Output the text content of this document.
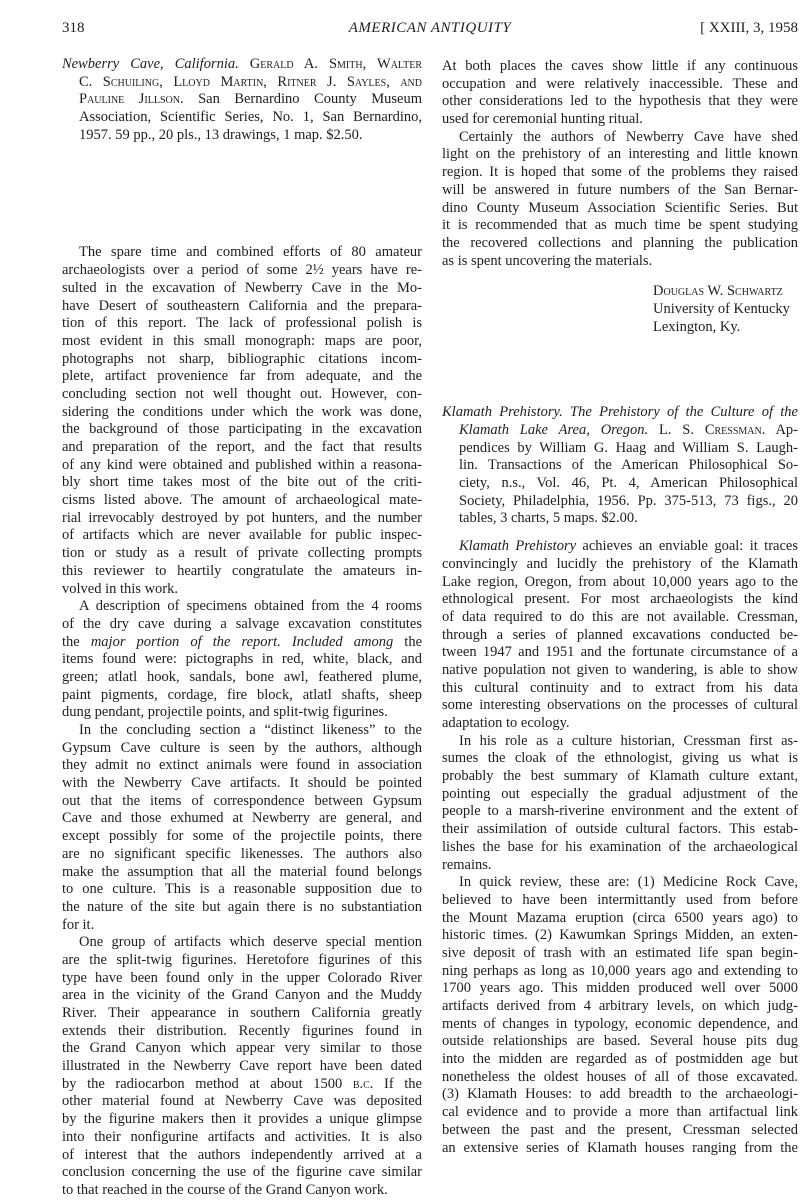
318	AMERICAN ANTIQUITY	[ XXIII, 3, 1958
Newberry Cave, California. Gerald A. Smith, Walter
C. Schuiling, Lloyd Martin, Ritner J. Sayles, and
Pauline Jillson. San Bernardino County Museum
Association, Scientific Series, No. 1, San Bernardino,
1957. 59 pp., 20 pls., 13 drawings, 1 map. $2.50.
The spare time and combined efforts of 80 amateur
archaeologists over a period of some 2½ years have re-
sulted in the excavation of Newberry Cave in the Mo-
have Desert of southeastern California and the prepara-
tion of this report. The lack of professional polish is
most evident in this small monograph: maps are poor,
photographs not sharp, bibliographic citations incom-
plete, artifact provenience far from adequate, and the
concluding section not well thought out. However, con-
sidering the conditions under which the work was done,
the background of those participating in the excavation
and preparation of the report, and the fact that results
of any kind were obtained and published within a reasona-
bly short time takes most of the bite out of the criti-
cisms listed above. The amount of archaeological mate-
rial irrevocably destroyed by pot hunters, and the number
of artifacts which are never available for public inspec-
tion or study as a result of private collecting prompts
this reviewer to heartily congratulate the amateurs in-
volved in this work.
A description of specimens obtained from the 4 rooms
of the dry cave during a salvage excavation constitutes
the major portion of the report. Included among the
items found were: pictographs in red, white, black, and
green; atlatl hook, sandals, bone awl, feathered plume,
paint pigments, cordage, fire block, atlatl shafts, sheep
dung pendant, projectile points, and split-twig figurines.
In the concluding section a “distinct likeness” to the
Gypsum Cave culture is seen by the authors, although
they admit no extinct animals were found in association
with the Newberry Cave artifacts. It should be pointed
out that the items of correspondence between Gypsum
Cave and those exhumed at Newberry are general, and
except possibly for some of the projectile points, there
are no significant specific likenesses. The authors also
make the assumption that all the material found belongs
to one culture. This is a reasonable supposition due to
the nature of the site but again there is no substantiation
for it.
One group of artifacts which deserve special mention
are the split-twig figurines. Heretofore figurines of this
type have been found only in the upper Colorado River
area in the vicinity of the Grand Canyon and the Muddy
River. Their appearance in southern California greatly
extends their distribution. Recently figurines found in
the Grand Canyon which appear very similar to those
illustrated in the Newberry Cave report have been dated
by the radiocarbon method at about 1500 b.c. If the
other material found at Newberry Cave was deposited
by the figurine makers then it provides a unique glimpse
into their nonfigurine artifacts and activities. It is also
of interest that the authors independently arrived at a
conclusion concerning the use of the figurine cave similar
to that reached in the course of the Grand Canyon work.
At both places the caves show little if any continuous
occupation and were relatively inaccessible. These and
other considerations led to the hypothesis that they were
used for ceremonial hunting ritual.
Certainly the authors of Newberry Cave have shed
light on the prehistory of an interesting and little known
region. It is hoped that some of the problems they raised
will be answered in future numbers of the San Bernar-
dino County Museum Association Scientific Series. But
it is recommended that as much time be spent studying
the recovered collections and planning the publication
as is spent uncovering the materials.
Douglas W. Schwartz
University of Kentucky
Lexington, Ky.
Klamath Prehistory. The Prehistory of the Culture of the
Klamath Lake Area, Oregon. L. S. Cressman. Ap-
pendices by William G. Haag and William S. Laugh-
lin. Transactions of the American Philosophical So-
ciety, n.s., Vol. 46, Pt. 4, American Philosophical
Society, Philadelphia, 1956. Pp. 375-513, 73 figs., 20
tables, 3 charts, 5 maps. $2.00.
Klamath Prehistory achieves an enviable goal: it traces
convincingly and lucidly the prehistory of the Klamath
Lake region, Oregon, from about 10,000 years ago to the
ethnological present. For most archaeologists the kind
of data required to do this are not available. Cressman,
through a series of planned excavations conducted be-
tween 1947 and 1951 and the fortunate circumstance of a
native population not given to wandering, is able to show
this cultural continuity and to extract from his data
some interesting observations on the processes of cultural
adaptation to ecology.
In his role as a culture historian, Cressman first as-
sumes the cloak of the ethnologist, giving us what is
probably the best summary of Klamath culture extant,
pointing out especially the gradual adjustment of the
people to a marsh-riverine environment and the extent of
their assimilation of outside cultural factors. This estab-
lishes the base for his examination of the archaeological
remains.
In quick review, these are: (1) Medicine Rock Cave,
believed to have been intermittantly used from before
the Mount Mazama eruption (circa 6500 years ago) to
historic times. (2) Kawumkan Springs Midden, an exten-
sive deposit of trash with an estimated life span begin-
ning perhaps as long as 10,000 years ago and extending to
1700 years ago. This midden produced well over 5000
artifacts derived from 4 arbitrary levels, on which judg-
ments of changes in typology, economic dependence, and
outside relationships are based. Several house pits dug
into the midden are regarded as of postmidden age but
nonetheless the oldest houses of all of those excavated.
(3) Klamath Houses: to add breadth to the archaeologi-
cal evidence and to provide a more than artifactual link
between the past and the present, Cressman selected
an extensive series of Klamath houses ranging from the
